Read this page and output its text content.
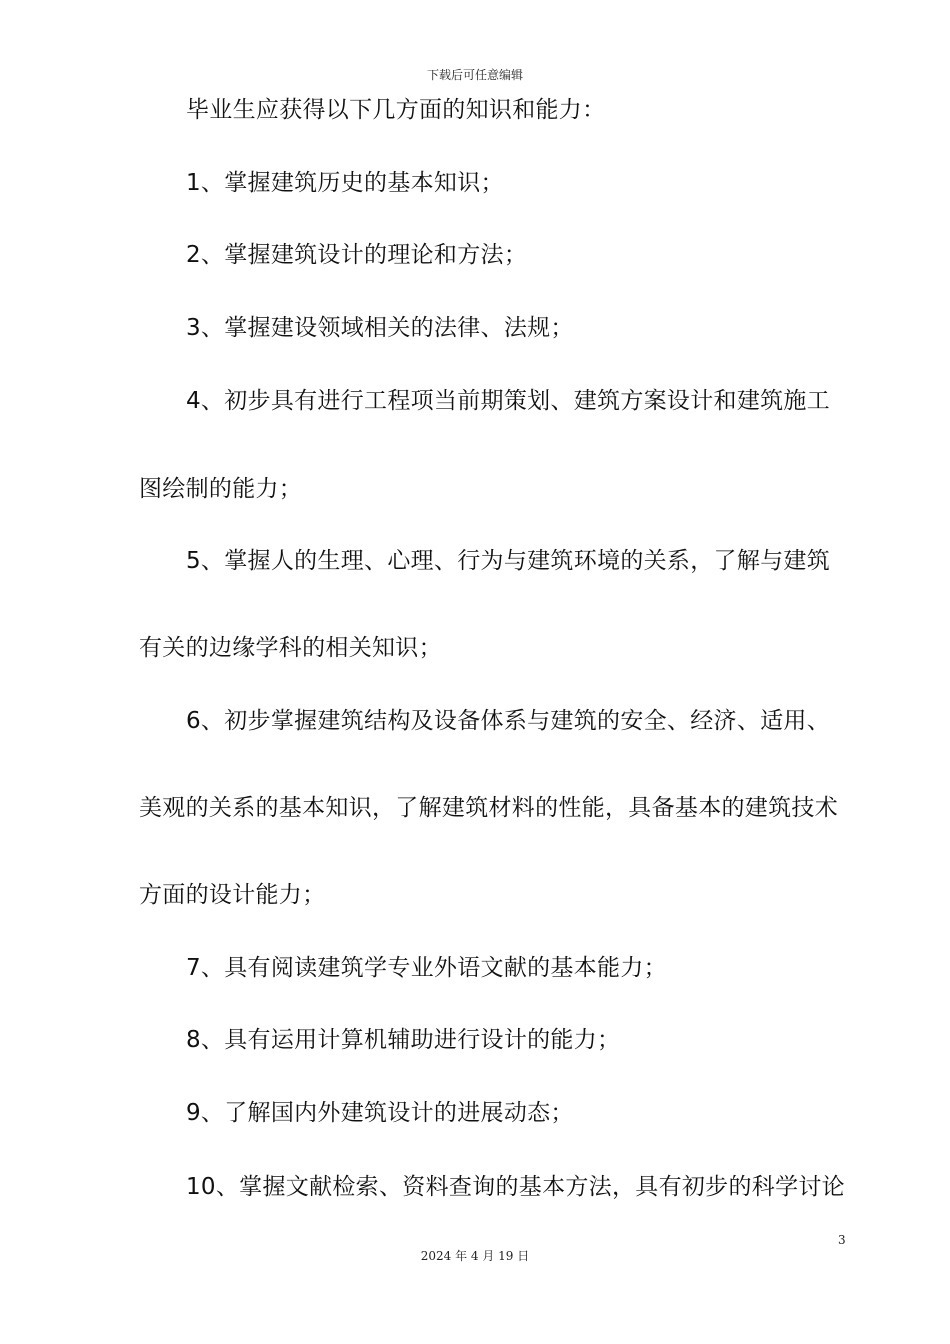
下载后可任意编辑
毕业生应获得以下几方面的知识和能力：
1、掌握建筑历史的基本知识；
2、掌握建筑设计的理论和方法；
3、掌握建设领域相关的法律、法规；
4、初步具有进行工程项当前期策划、建筑方案设计和建筑施工
图绘制的能力；
5、掌握人的生理、心理、行为与建筑环境的关系，了解与建筑
有关的边缘学科的相关知识；
6、初步掌握建筑结构及设备体系与建筑的安全、经济、适用、
美观的关系的基本知识，了解建筑材料的性能，具备基本的建筑技术
方面的设计能力；
7、具有阅读建筑学专业外语文献的基本能力；
8、具有运用计算机辅助进行设计的能力；
9、了解国内外建筑设计的进展动态；
10、掌握文献检索、资料查询的基本方法，具有初步的科学讨论
3
2024 年 4 月 19 日
